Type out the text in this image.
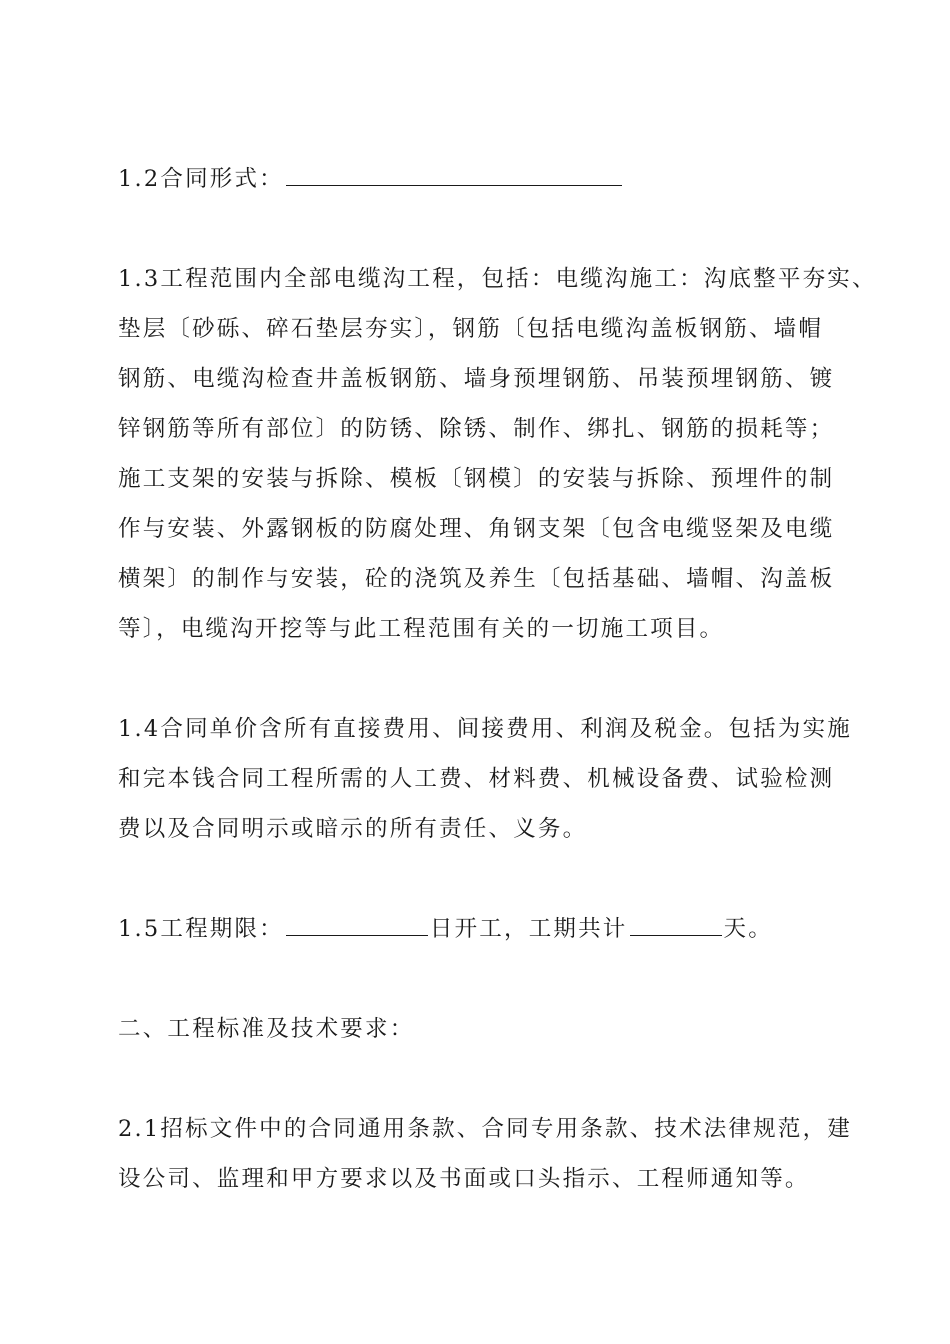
1.2合同形式：

1.3工程范围内全部电缆沟工程，包括：电缆沟施工：沟底整平夯实、
垫层〔砂砾、碎石垫层夯实〕，钢筋〔包括电缆沟盖板钢筋、墙帽
钢筋、电缆沟检查井盖板钢筋、墙身预埋钢筋、吊装预埋钢筋、镀
锌钢筋等所有部位〕的防锈、除锈、制作、绑扎、钢筋的损耗等；
施工支架的安装与拆除、模板〔钢模〕的安装与拆除、预埋件的制
作与安装、外露钢板的防腐处理、角钢支架〔包含电缆竖架及电缆
横架〕的制作与安装，砼的浇筑及养生〔包括基础、墙帽、沟盖板
等〕，电缆沟开挖等与此工程范围有关的一切施工项目。

1.4合同单价含所有直接费用、间接费用、利润及税金。包括为实施
和完本钱合同工程所需的人工费、材料费、机械设备费、试验检测
费以及合同明示或暗示的所有责任、义务。

1.5工程期限：	日开工，工期共计	天。

二、工程标准及技术要求：

2.1招标文件中的合同通用条款、合同专用条款、技术法律规范，建
设公司、监理和甲方要求以及书面或口头指示、工程师通知等。
